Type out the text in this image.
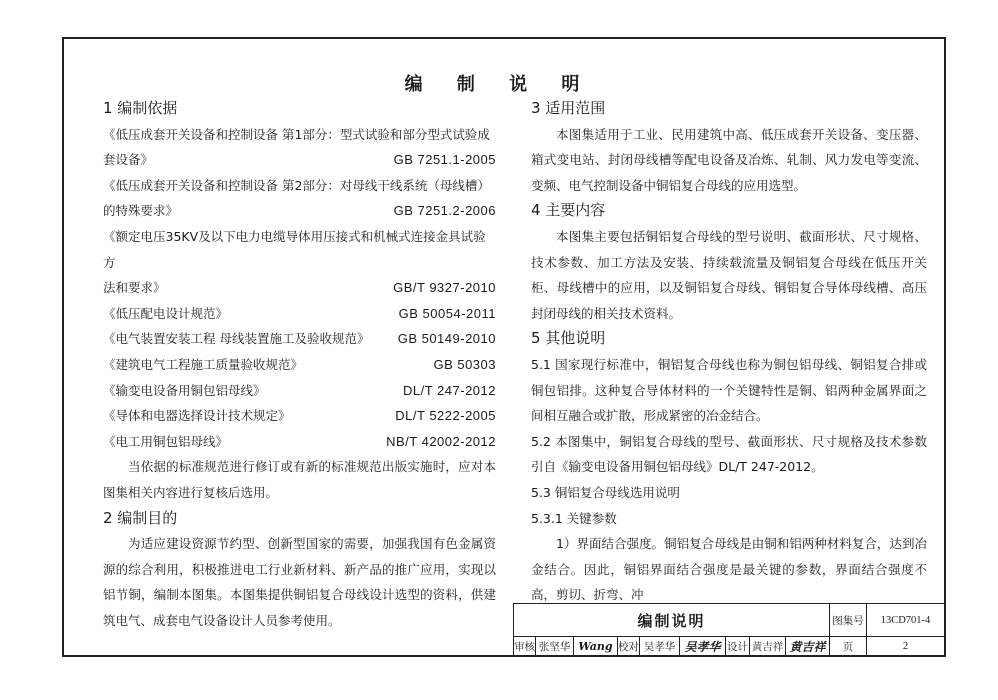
编 制 说 明
1 编制依据
《低压成套开关设备和控制设备 第1部分：型式试验和部分型式试验成
套设备》	GB 7251.1-2005
《低压成套开关设备和控制设备 第2部分：对母线干线系统（母线槽）
的特殊要求》	GB 7251.2-2006
《额定电压35KV及以下电力电缆导体用压接式和机械式连接金具试验方
法和要求》	GB/T 9327-2010
《低压配电设计规范》	GB 50054-2011
《电气装置安装工程 母线装置施工及验收规范》 GB 50149-2010
《建筑电气工程施工质量验收规范》	GB 50303
《输变电设备用铜包铝母线》	DL/T 247-2012
《导体和电器选择设计技术规定》	DL/T 5222-2005
《电工用铜包铝母线》	NB/T 42002-2012
当依据的标准规范进行修订或有新的标准规范出版实施时，应对本图集相关内容进行复核后选用。
2 编制目的
为适应建设资源节约型、创新型国家的需要，加强我国有色金属资源的综合利用，积极推进电工行业新材料、新产品的推广应用，实现以铝节铜，编制本图集。本图集提供铜铝复合母线设计选型的资料，供建筑电气、成套电气设备设计人员参考使用。
3 适用范围
本图集适用于工业、民用建筑中高、低压成套开关设备、变压器、箱式变电站、封闭母线槽等配电设备及冶炼、轧制、风力发电等变流、变频、电气控制设备中铜铝复合母线的应用选型。
4 主要内容
本图集主要包括铜铝复合母线的型号说明、截面形状、尺寸规格、技术参数、加工方法及安装、持续载流量及铜铝复合母线在低压开关柜、母线槽中的应用，以及铜铝复合母线、铜铝复合导体母线槽、高压封闭母线的相关技术资料。
5 其他说明
5.1 国家现行标准中，铜铝复合母线也称为铜包铝母线、铜铝复合排或铜包铝排。这种复合导体材料的一个关键特性是铜、铝两种金属界面之间相互融合或扩散，形成紧密的冶金结合。
5.2 本图集中，铜铝复合母线的型号、截面形状、尺寸规格及技术参数引自《输变电设备用铜包铝母线》DL/T 247-2012。
5.3 铜铝复合母线选用说明
5.3.1 关键参数
1）界面结合强度。铜铝复合母线是由铜和铝两种材料复合，达到冶金结合。因此，铜铝界面结合强度是最关键的参数，界面结合强度不高，剪切、折弯、冲
编制说明	图集号	13CD701-4
审核 张坚华 Wang 校对 吴孝华 吴孝华 设计 黄吉祥 黄吉祥	页	2
